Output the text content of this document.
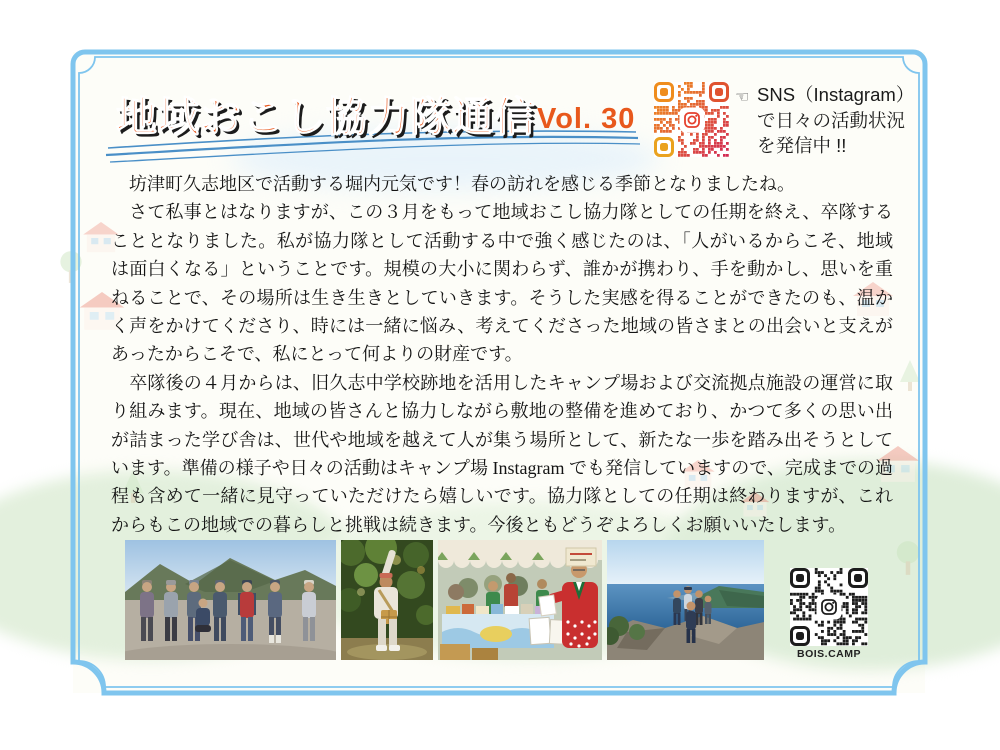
地域おこし協力隊通信 Vol. 30
☜ SNS（Instagram）
で日々の活動状況
を発信中 !!

　坊津町久志地区で活動する堀内元気です！春の訪れを感じる季節となりましたね。

　さて私事とはなりますが、この３月をもって地域おこし協力隊としての任期を終え、卒隊することとなりました。私が協力隊として活動する中で強く感じたのは、「人がいるからこそ、地域は面白くなる」ということです。規模の大小に関わらず、誰かが携わり、手を動かし、思いを重ねることで、その場所は生き生きとしていきます。そうした実感を得ることができたのも、温かく声をかけてくださり、時には一緒に悩み、考えてくださった地域の皆さまとの出会いと支えがあったからこそで、私にとって何よりの財産です。

　卒隊後の４月からは、旧久志中学校跡地を活用したキャンプ場および交流拠点施設の運営に取り組みます。現在、地域の皆さんと協力しながら敷地の整備を進めており、かつて多くの思い出が詰まった学び舎は、世代や地域を越えて人が集う場所として、新たな一歩を踏み出そうとしています。準備の様子や日々の活動はキャンプ場 Instagram でも発信していますので、完成までの過程も含めて一緒に見守っていただけたら嬉しいです。協力隊としての任期は終わりますが、これからもこの地域での暮らしと挑戦は続きます。今後ともどうぞよろしくお願いいたします。

BOIS.CAMP
